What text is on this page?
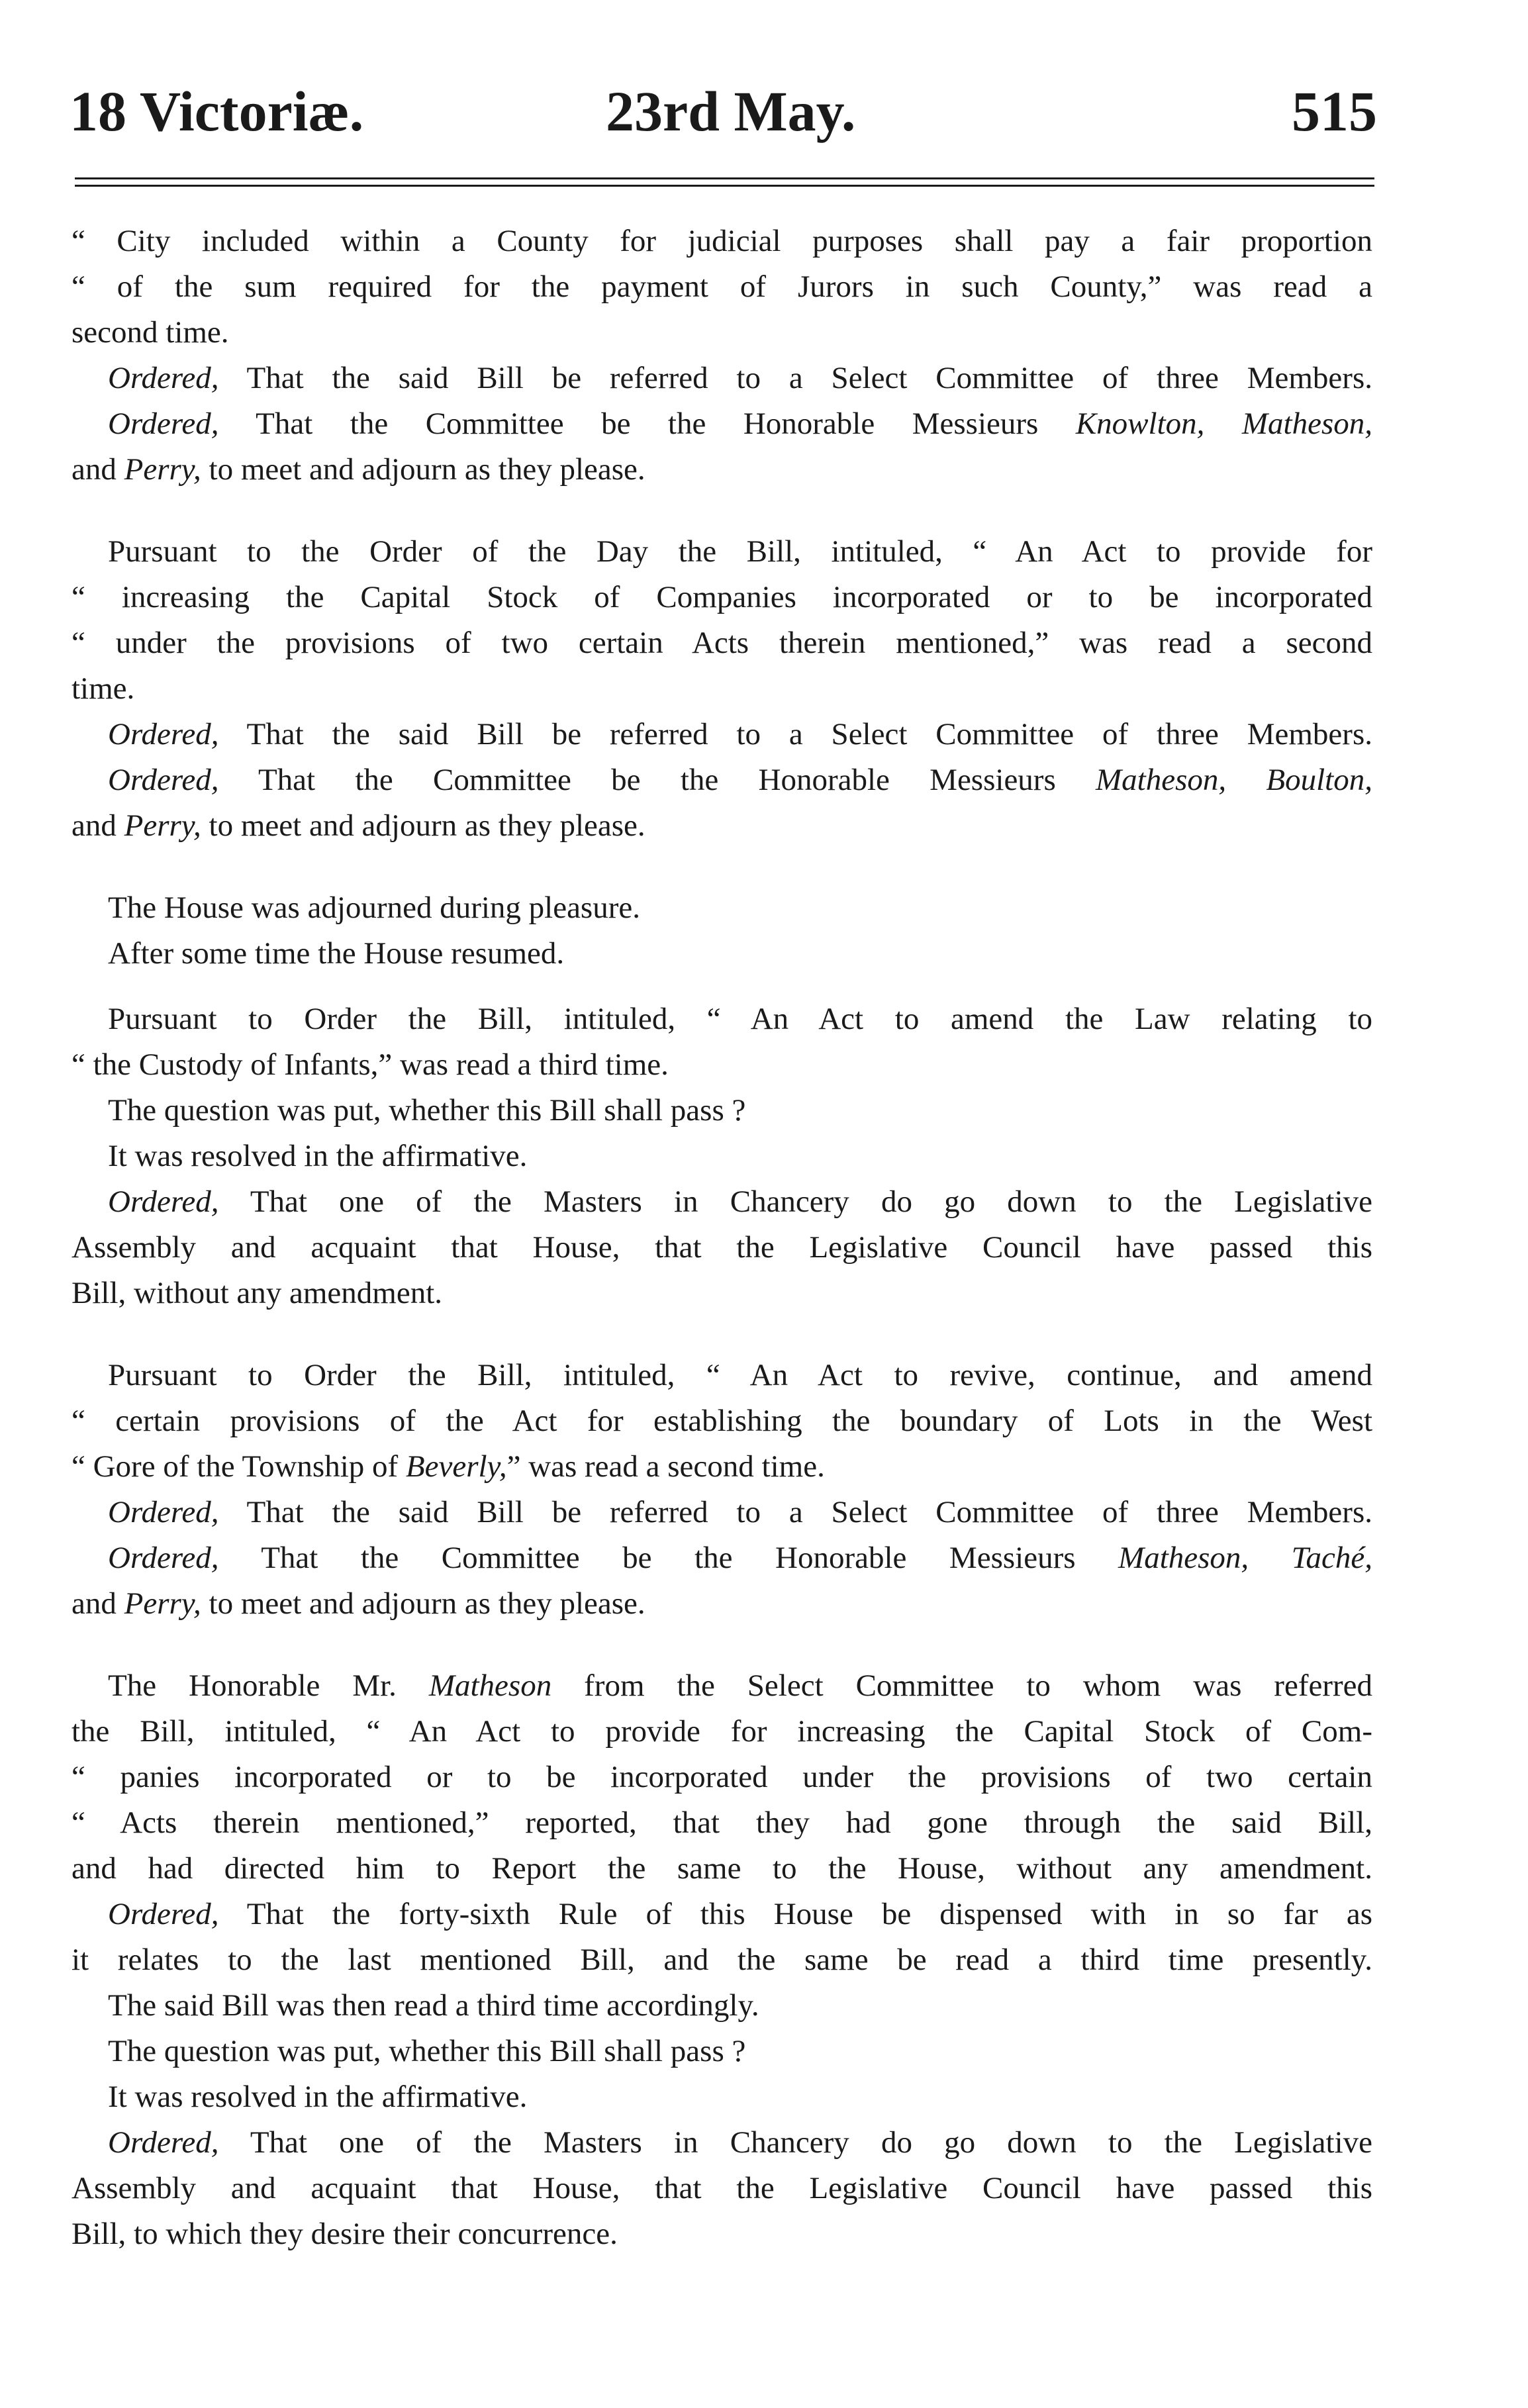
18 Victoriæ.	23rd May.	515
“ City included within a County for judicial purposes shall pay a fair proportion
“ of the sum required for the payment of Jurors in such County,” was read a
second time.
Ordered, That the said Bill be referred to a Select Committee of three Members.
Ordered, That the Committee be the Honorable Messieurs Knowlton, Matheson,
and Perry, to meet and adjourn as they please.
Pursuant to the Order of the Day the Bill, intituled, “ An Act to provide for
“ increasing the Capital Stock of Companies incorporated or to be incorporated
“ under the provisions of two certain Acts therein mentioned,” was read a second
time.
Ordered, That the said Bill be referred to a Select Committee of three Members.
Ordered, That the Committee be the Honorable Messieurs Matheson, Boulton,
and Perry, to meet and adjourn as they please.
The House was adjourned during pleasure.
After some time the House resumed.
Pursuant to Order the Bill, intituled, “ An Act to amend the Law relating to
“ the Custody of Infants,” was read a third time.
The question was put, whether this Bill shall pass ?
It was resolved in the affirmative.
Ordered, That one of the Masters in Chancery do go down to the Legislative
Assembly and acquaint that House, that the Legislative Council have passed this
Bill, without any amendment.
Pursuant to Order the Bill, intituled, “ An Act to revive, continue, and amend
“ certain provisions of the Act for establishing the boundary of Lots in the West
“ Gore of the Township of Beverly,” was read a second time.
Ordered, That the said Bill be referred to a Select Committee of three Members.
Ordered, That the Committee be the Honorable Messieurs Matheson, Taché,
and Perry, to meet and adjourn as they please.
The Honorable Mr. Matheson from the Select Committee to whom was referred
the Bill, intituled, “ An Act to provide for increasing the Capital Stock of Com-
“ panies incorporated or to be incorporated under the provisions of two certain
“ Acts therein mentioned,” reported, that they had gone through the said Bill,
and had directed him to Report the same to the House, without any amendment.
Ordered, That the forty-sixth Rule of this House be dispensed with in so far as
it relates to the last mentioned Bill, and the same be read a third time presently.
The said Bill was then read a third time accordingly.
The question was put, whether this Bill shall pass ?
It was resolved in the affirmative.
Ordered, That one of the Masters in Chancery do go down to the Legislative
Assembly and acquaint that House, that the Legislative Council have passed this
Bill, to which they desire their concurrence.
